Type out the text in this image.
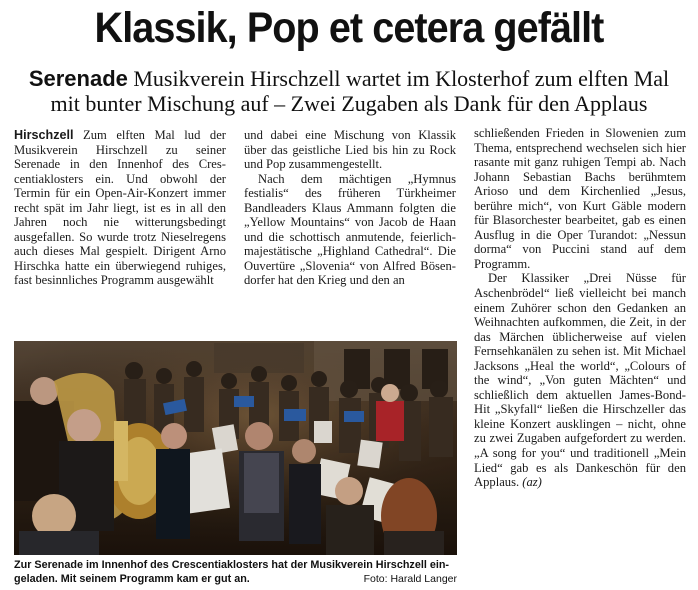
Klassik, Pop et cetera gefällt
Serenade Musikverein Hirschzell wartet im Klosterhof zum elften Mal
mit bunter Mischung auf – Zwei Zugaben als Dank für den Applaus

Hirschzell Zum elften Mal lud der Musikverein Hirschzell zu seiner Serenade in den Innenhof des Crescentiaklosters ein. Und obwohl der Termin für ein Open-Air-Konzert immer recht spät im Jahr liegt, ist es in all den Jahren noch nie witterungsbedingt ausgefallen. So wurde trotz Nieselregens auch dieses Mal gespielt. Dirigent Arno Hirschka hatte ein überwiegend ruhiges, fast besinnliches Programm ausgewählt

und dabei eine Mischung von Klassik über das geistliche Lied bis hin zu Rock und Pop zusammengestellt.

Nach dem mächtigen „Hymnus festialis“ des früheren Türkheimer Bandleaders Klaus Ammann folgten die „Yellow Mountains“ von Jacob de Haan und die schottisch anmutende, feierlich-majestätische „Highland Cathedral“. Die Ouvertüre „Slovenia“ von Alfred Bösendorfer hat den Krieg und den an

schließenden Frieden in Slowenien zum Thema, entsprechend wechselen sich hier rasante mit ganz ruhigen Tempi ab. Nach Johann Sebastian Bachs berühmtem Arioso und dem Kirchenlied „Jesus, berühre mich“, von Kurt Gäble modern für Blasorchester bearbeitet, gab es einen Ausflug in die Oper Turandot: „Nessun dorma“ von Puccini stand auf dem Programm.

Der Klassiker „Drei Nüsse für Aschenbrödel“ ließ vielleicht bei manch einem Zuhörer schon den Gedanken an Weihnachten aufkommen, die Zeit, in der das Märchen üblicherweise auf vielen Fernsehkanälen zu sehen ist. Mit Michael Jacksons „Heal the world“, „Colours of the wind“, „Von guten Mächten“ und schließlich dem aktuellen James-Bond-Hit „Skyfall“ ließen die Hirschzeller das kleine Konzert ausklingen – nicht, ohne zu zwei Zugaben aufgefordert zu werden. „A song for you“ und traditionell „Mein Lied“ gab es als Dankeschön für den Applaus. (az)

Zur Serenade im Innenhof des Crescentiaklosters hat der Musikverein Hirschzell eingeladen. Mit seinem Programm kam er gut an.	Foto: Harald Langer
